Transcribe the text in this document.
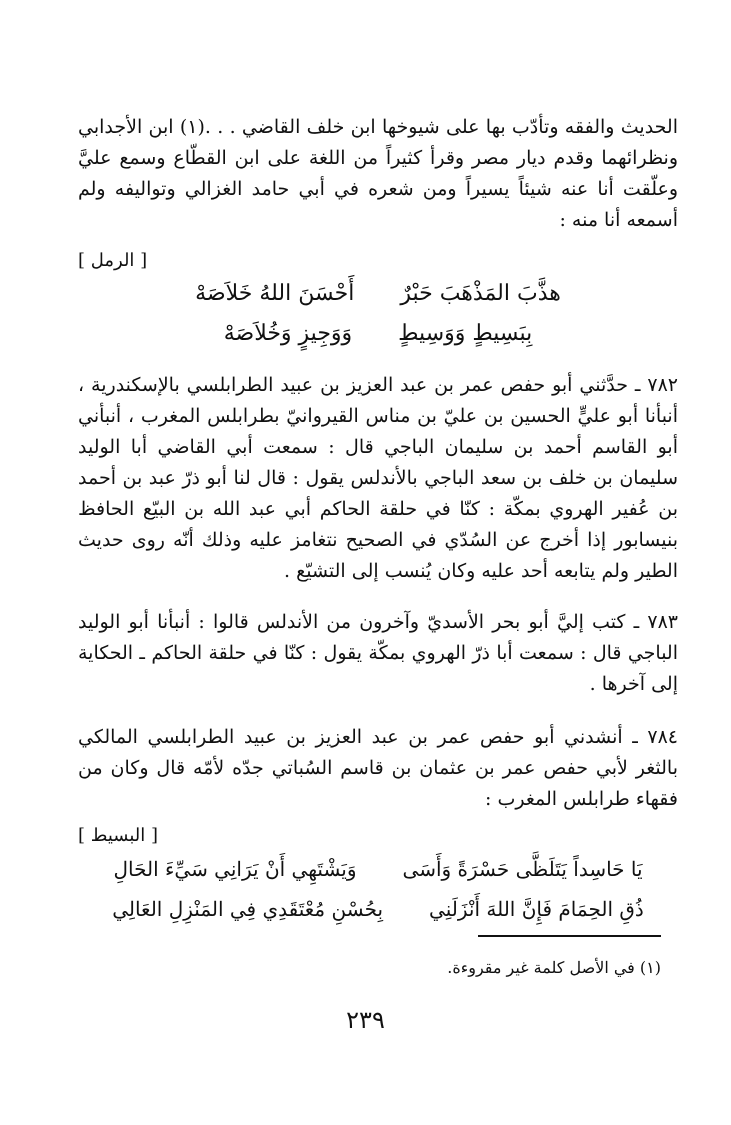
الحديث والفقه وتأدّب بها على شيوخها ابن خلف القاضي . . .(١) ابن الأجدابي ونظرائهما وقدم ديار مصر وقرأ كثيراً من اللغة على ابن القطّاع وسمع عليَّ وعلّقت أنا عنه شيئاً يسيراً ومن شعره في أبي حامد الغزالي وتواليفه ولم أسمعه أنا منه :

[ الرمل ]

هذَّبَ المَذْهَبَ حَبْرٌ
أَحْسَنَ اللهُ خَلاَصَهْ
بِبَسِيطٍ وَوَسِيطٍ
وَوَجِيزٍ وَخُلاَصَهْ

٧٨٢ ـ حدَّثني أبو حفص عمر بن عبد العزيز بن عبيد الطرابلسي بالإسكندرية ، أنبأنا أبو عليٍّ الحسين بن عليّ بن مناس القيروانيّ بطرابلس المغرب ، أنبأني أبو القاسم أحمد بن سليمان الباجي قال : سمعت أبي القاضي أبا الوليد سليمان بن خلف بن سعد الباجي بالأندلس يقول : قال لنا أبو ذرّ عبد بن أحمد بن عُفير الهروي بمكّة : كنّا في حلقة الحاكم أبي عبد الله بن البيّع الحافظ بنيسابور إذا أخرج عن السُدّي في الصحيح نتغامز عليه وذلك أنّه روى حديث الطير ولم يتابعه أحد عليه وكان يُنسب إلى التشيّع .

٧٨٣ ـ كتب إليَّ أبو بحر الأسديّ وآخرون من الأندلس قالوا : أنبأنا أبو الوليد الباجي قال : سمعت أبا ذرّ الهروي بمكّة يقول : كنّا في حلقة الحاكم ـ الحكاية إلى آخرها .

٧٨٤ ـ أنشدني أبو حفص عمر بن عبد العزيز بن عبيد الطرابلسي المالكي بالثغر لأبي حفص عمر بن عثمان بن قاسم السُباتي جدّه لأمّه قال وكان من فقهاء طرابلس المغرب :

[ البسيط ]

يَا حَاسِداً يَتَلَظَّى حَسْرَةً وَأَسَى
وَيَشْتَهِي أَنْ يَرَانِي سَيِّءَ الحَالِ
ذُقِ الحِمَامَ فَإِنَّ اللهَ أَنْزَلَنِي
بِحُسْنِ مُعْتَقَدِي فِي المَنْزِلِ العَالِي
(١) في الأصل كلمة غير مقروءة.
٢٣٩
